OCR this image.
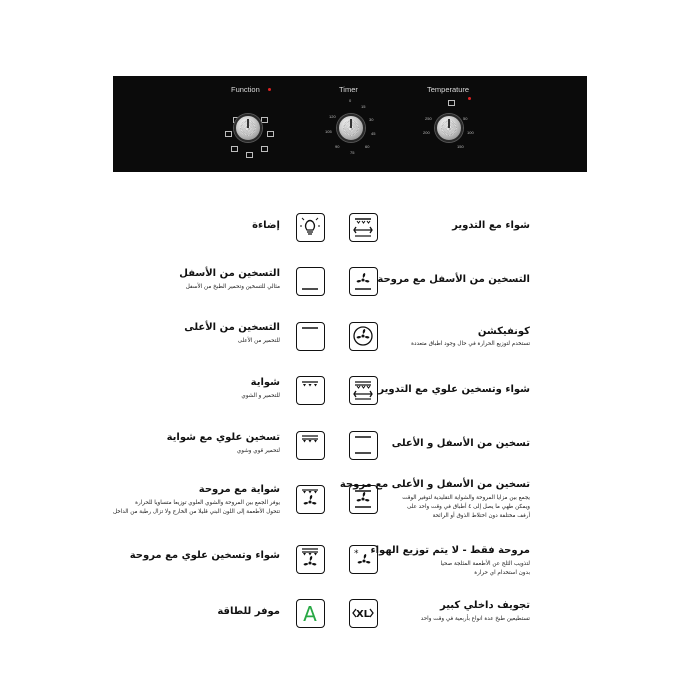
Function	Timer	Temperature
0
15
30
45
60
75
90
105
120	250
200
50
100
150
شواء مع التدوير
التسخين من الأسفل مع مروحة
كونفيكشن
تستخدم لتوزيع الحرارة في حال وجود اطباق متعددة
شواء وتسخين علوي مع التدوير
تسخين من الأسفل و الأعلى
تسخين من الأسفل و الأعلى مع مروحة
يجمع بين مزايا المروحة والشواية التقليدية لتوفير الوقت
ويمكن طهي ما يصل إلى ٤ أطباق في وقت واحد على
أرفف مختلفة دون اختلاط الذوق أو الرائحة
* مروحة فقط - لا يتم توزيع الهواء
لتذويب الثلج عن الأطعمة المثلجة صحيا
بدون استخدام اي حرارة
XL
تجويف داخلي كبير
تستطيعين طبخ عدة انواع بأربعية في وقت واحد
إضاءة
التسخين من الأسفل
مثالي للتسخين وتحمير الطبخ من الأسفل
التسخين من الأعلى
للتحمير من الأعلى
شواية
للتحمير و الشوي
تسخين علوي مع شواية
لتحمير قوي وشوي
شواية مع مروحة
يوفر الجمع بين المروحة والشوي العلوي توزيعا متساويا للحرارة
تتحول الأطعمة إلى اللون البني قليلا من الخارج ولا تزال رطبة من الداخل
شواء وتسخين علوي مع مروحة
A
موفر للطاقة
